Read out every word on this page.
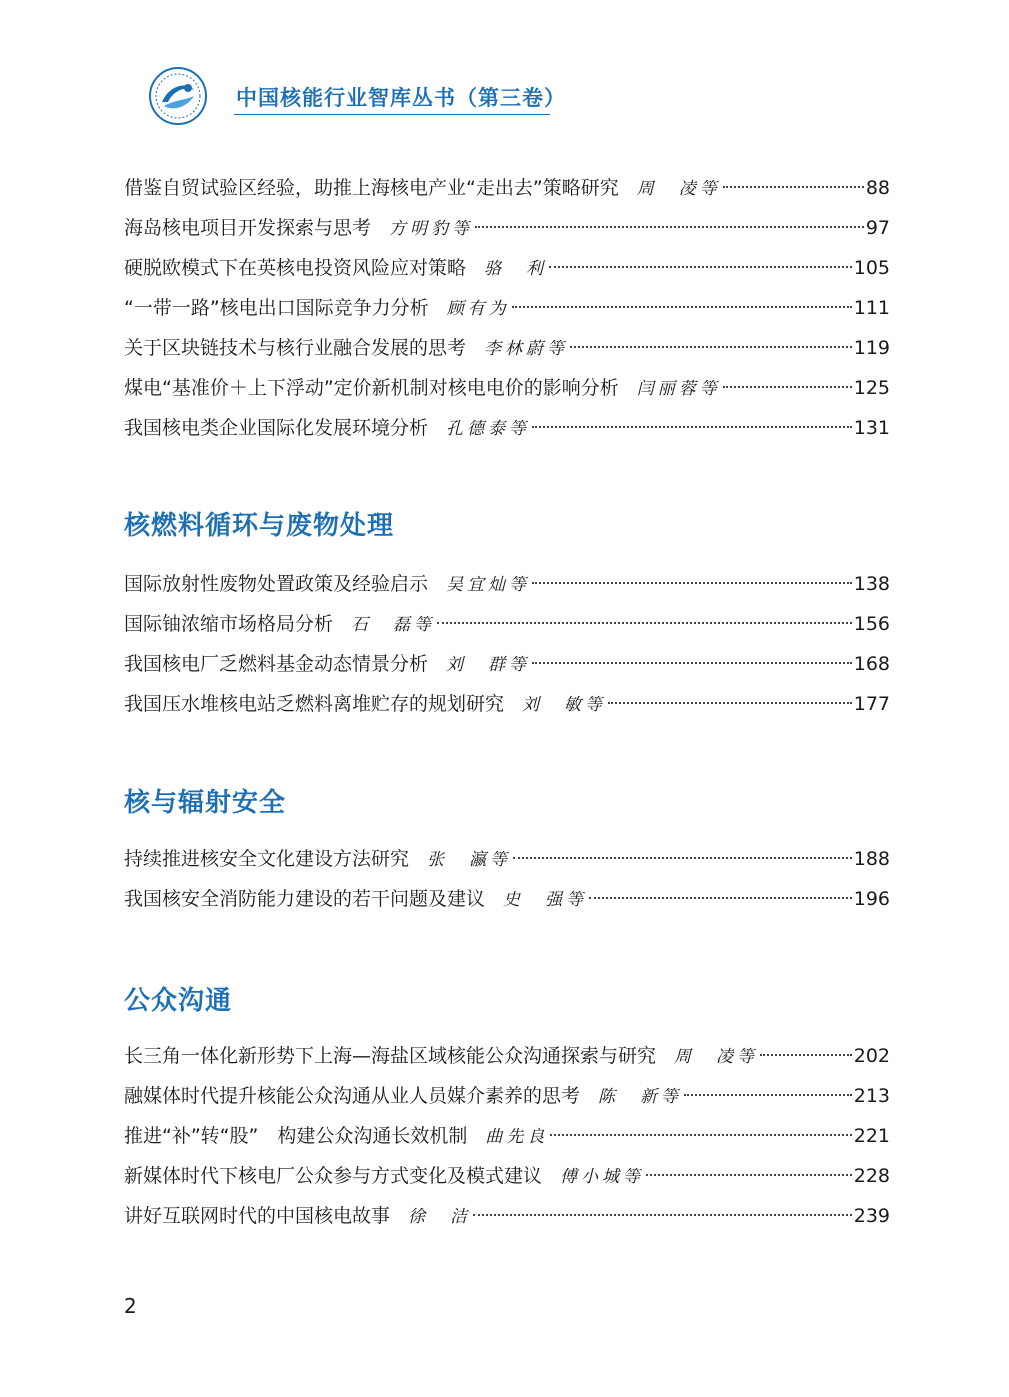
中国核能行业智库丛书（第三卷）
借鉴自贸试验区经验，助推上海核电产业“走出去”策略研究 周　凌等	88
海岛核电项目开发探索与思考 方明豹等	97
硬脱欧模式下在英核电投资风险应对策略 骆　利	105
“一带一路”核电出口国际竞争力分析 顾有为	111
关于区块链技术与核行业融合发展的思考 李林蔚等	119
煤电“基准价＋上下浮动”定价新机制对核电电价的影响分析 闫丽蓉等	125
我国核电类企业国际化发展环境分析 孔德泰等	131
核燃料循环与废物处理
国际放射性废物处置政策及经验启示 吴宜灿等	138
国际铀浓缩市场格局分析 石　磊等	156
我国核电厂乏燃料基金动态情景分析 刘　群等	168
我国压水堆核电站乏燃料离堆贮存的规划研究 刘　敏等	177
核与辐射安全
持续推进核安全文化建设方法研究 张　瀛等	188
我国核安全消防能力建设的若干问题及建议 史　强等	196
公众沟通
长三角一体化新形势下上海—海盐区域核能公众沟通探索与研究 周　凌等	202
融媒体时代提升核能公众沟通从业人员媒介素养的思考 陈　新等	213
推进“补”转“股”　构建公众沟通长效机制 曲先良	221
新媒体时代下核电厂公众参与方式变化及模式建议 傅小城等	228
讲好互联网时代的中国核电故事 徐　洁	239
2
